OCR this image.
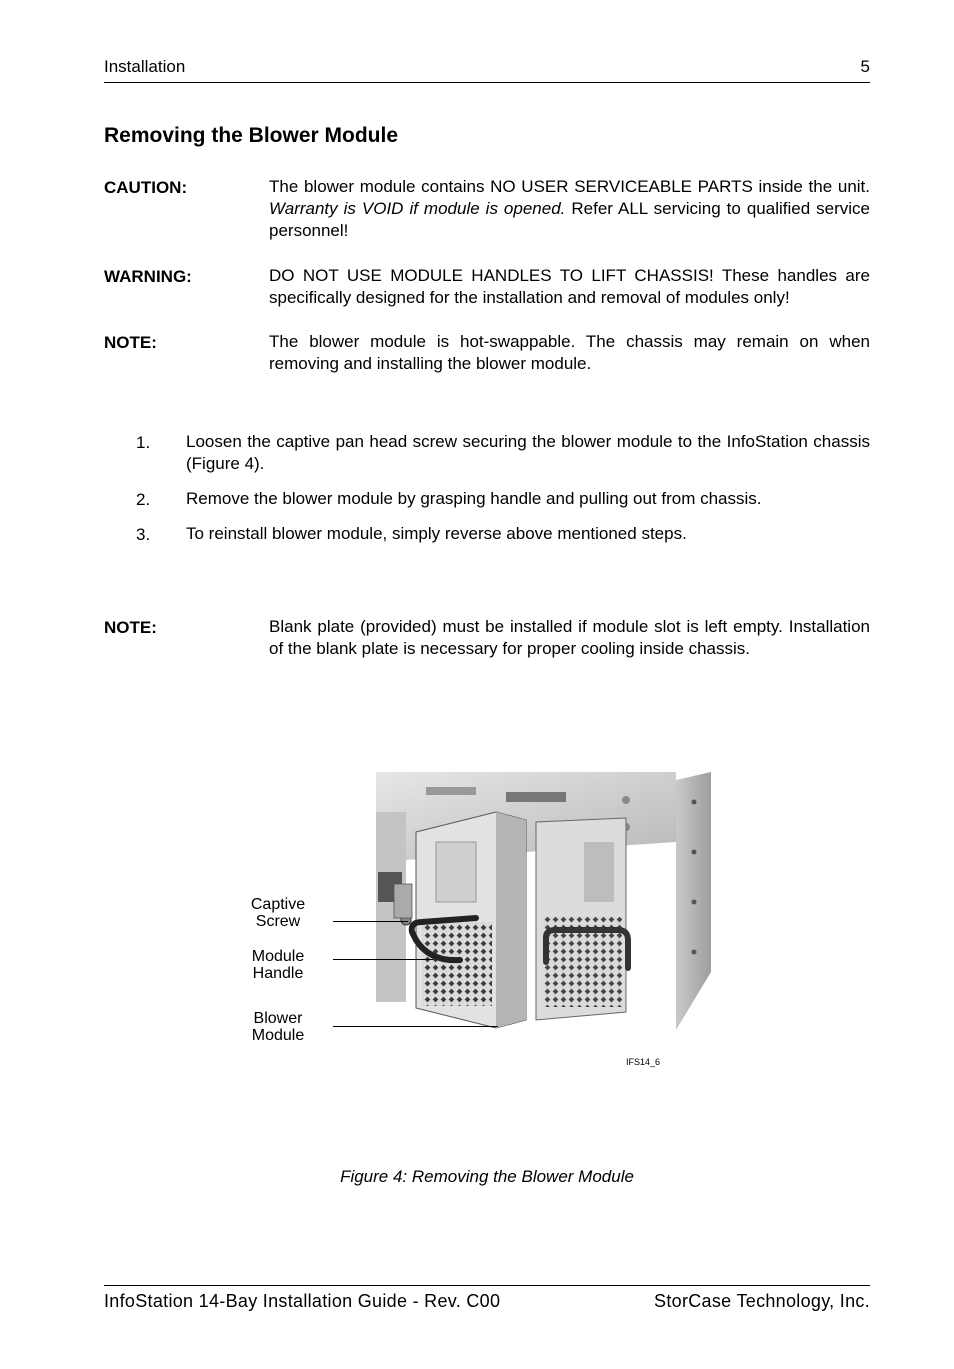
Installation	5
Removing the Blower Module
CAUTION:	The blower module contains NO USER SERVICEABLE PARTS inside the unit. Warranty is VOID if module is opened. Refer ALL servicing to qualified service personnel!
WARNING:	DO NOT USE MODULE HANDLES TO LIFT CHASSIS! These handles are specifically designed for the installation and removal of modules only!
NOTE:	The blower module is hot-swappable. The chassis may remain on when removing and installing the blower module.
1. Loosen the captive pan head screw securing the blower module to the InfoStation chassis (Figure 4).
2. Remove the blower module by grasping handle and pulling out from chassis.
3. To reinstall blower module, simply reverse above mentioned steps.
NOTE:	Blank plate (provided) must be installed if module slot is left empty. Installation of the blank plate is necessary for proper cooling inside chassis.
Captive
Screw
Module
Handle
Blower
Module
IFS14_6
Figure 4: Removing the Blower Module
InfoStation 14-Bay Installation Guide - Rev. C00	StorCase Technology, Inc.
